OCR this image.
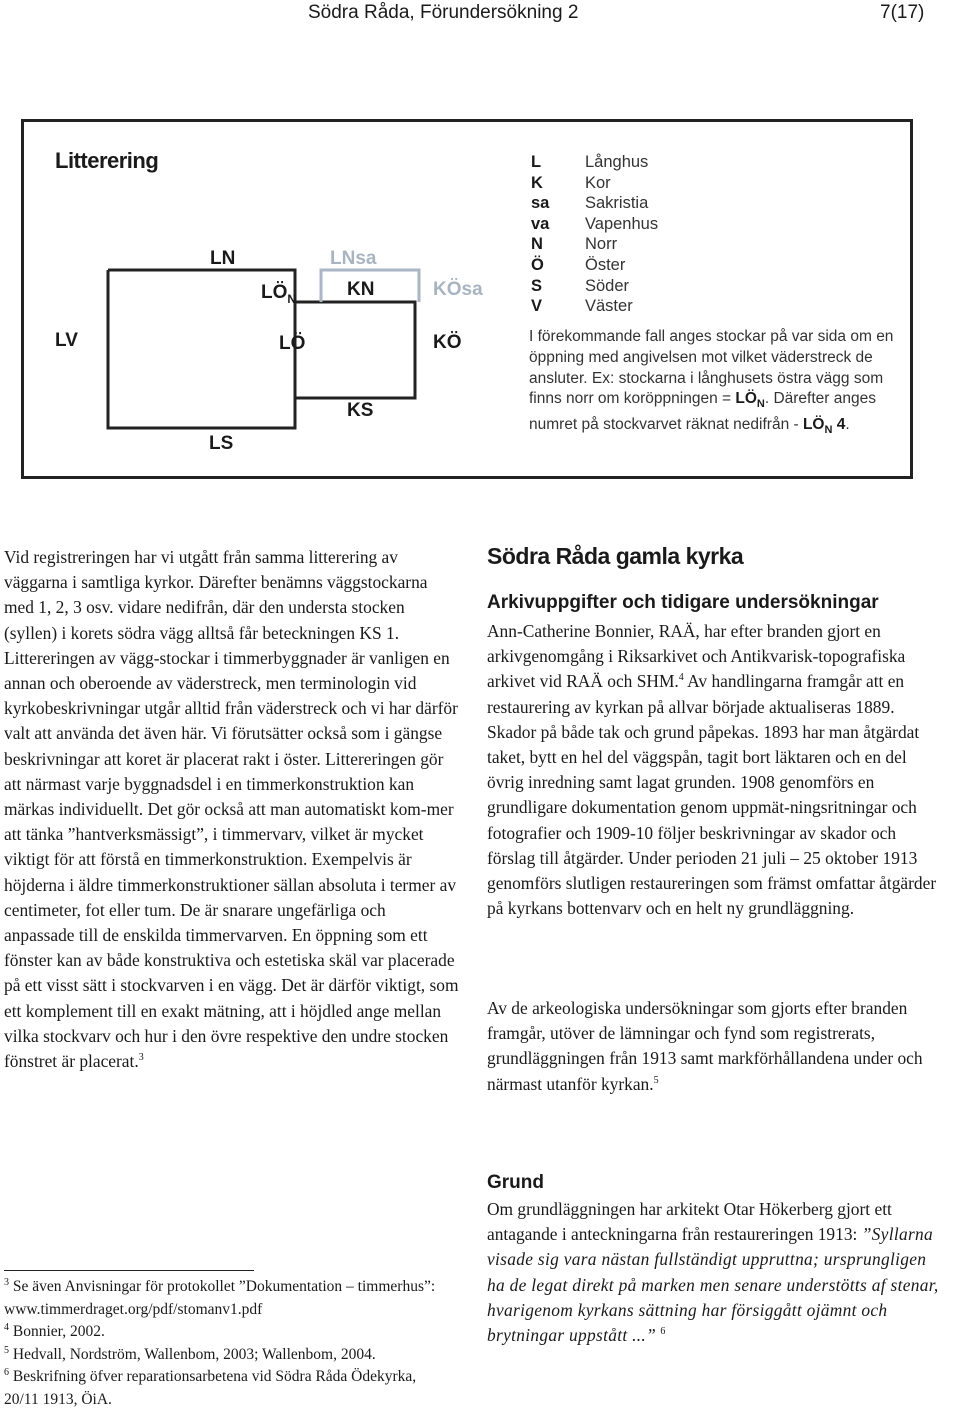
Södra Råda, Förundersökning 2	7(17)
Litterering
LN
$LÖ_N$
LNsa
KN	KÖsa
LV	LÖ	KÖ
KS
LS
L	Långhus
K	Kor
sa	Sakristia
va	Vapenhus
N	Norr
Ö	Öster
S	Söder
V	Väster
I förekommande fall anges stockar på var sida om en öppning med angivelsen mot vilket väderstreck de ansluter. Ex: stockarna i långhusets östra vägg som finns norr om koröppningen = $LÖ_N$. Därefter anges numret på stockvarvet räknat nedifrån - $LÖ_N$ 4.

Vid registreringen har vi utgått från samma litterering av väggarna i samtliga kyrkor. Därefter benämns väggstockarna med 1, 2, 3 osv. vidare nedifrån, där den understa stocken (syllen) i korets södra vägg alltså får beteckningen KS 1. Littereringen av vägg-stockar i timmerbyggnader är vanligen en annan och oberoende av väderstreck, men terminologin vid kyrkobeskrivningar utgår alltid från väderstreck och vi har därför valt att använda det även här. Vi förutsätter också som i gängse beskrivningar att koret är placerat rakt i öster. Littereringen gör att närmast varje byggnadsdel i en timmerkonstruktion kan märkas individuellt. Det gör också att man automatiskt kom-mer att tänka ”hantverksmässigt”, i timmervarv, vilket är mycket viktigt för att förstå en timmerkonstruktion. Exempelvis är höjderna i äldre timmerkonstruktioner sällan absoluta i termer av centimeter, fot eller tum. De är snarare ungefärliga och anpassade till de enskilda timmervarven. En öppning som ett fönster kan av både konstruktiva och estetiska skäl var placerade på ett visst sätt i stockvarven i en vägg. Det är därför viktigt, som ett komplement till en exakt mätning, att i höjdled ange mellan vilka stockvarv och hur i den övre respektive den undre stocken fönstret är placerat.$^3$

$^3$ Se även Anvisningar för protokollet ”Dokumentation – timmerhus”: www.timmerdraget.org/pdf/stomanv1.pdf

$^4$ Bonnier, 2002.

$^5$ Hedvall, Nordström, Wallenbom, 2003; Wallenbom, 2004.

$^6$ Beskrifning öfver reparationsarbetena vid Södra Råda Ödekyrka, 20/11 1913, ÖiA.

Södra Råda gamla kyrka
Arkivuppgifter och tidigare undersökningar

Ann-Catherine Bonnier, RAÄ, har efter branden gjort en arkivgenomgång i Riksarkivet och Antikvarisk-topografiska arkivet vid RAÄ och SHM.$^4$ Av handlingarna framgår att en restaurering av kyrkan på allvar började aktualiseras 1889. Skador på både tak och grund påpekas. 1893 har man åtgärdat taket, bytt en hel del väggspån, tagit bort läktaren och en del övrig inredning samt lagat grunden. 1908 genomförs en grundligare dokumentation genom uppmät-ningsritningar och fotografier och 1909-10 följer beskrivningar av skador och förslag till åtgärder. Under perioden 21 juli – 25 oktober 1913 genomförs slutligen restaureringen som främst omfattar åtgärder på kyrkans bottenvarv och en helt ny grundläggning.

Av de arkeologiska undersökningar som gjorts efter branden framgår, utöver de lämningar och fynd som registrerats, grundläggningen från 1913 samt markförhållandena under och närmast utanför kyrkan.$^5$

Grund

Om grundläggningen har arkitekt Otar Hökerberg gjort ett antagande i anteckningarna från restaureringen 1913: ”Syllarna visade sig vara nästan fullständigt uppruttna; ursprungligen ha de legat direkt på marken men senare understötts af stenar, hvarigenom kyrkans sättning har försiggått ojämnt och brytningar uppstått ...” $^6$
